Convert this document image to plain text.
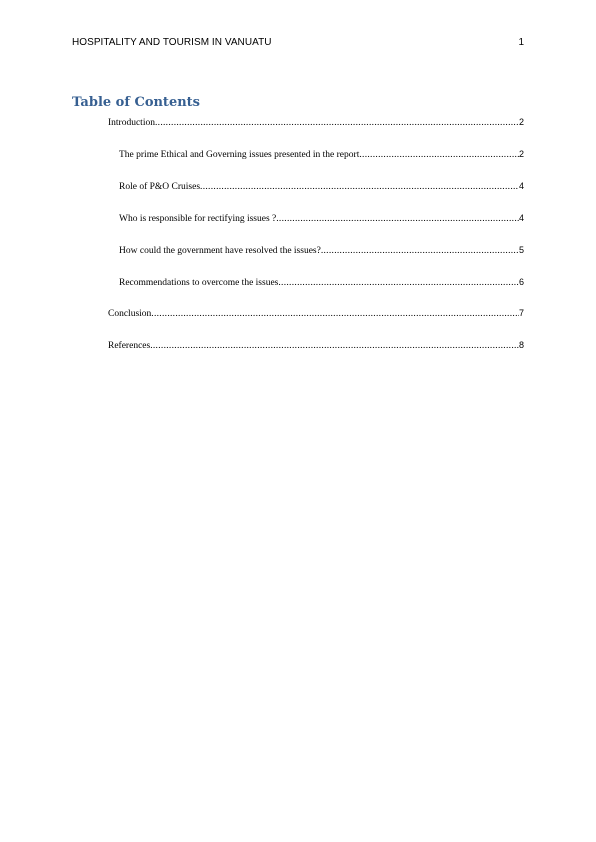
HOSPITALITY AND TOURISM IN VANUATU	1
Table of Contents
Introduction .....	2
The prime Ethical and Governing issues presented in the report .....	2
Role of P&O Cruises .....	4
Who is responsible for rectifying issues ? .....	4
How could the government have resolved the issues? .....	5
Recommendations to overcome the issues .....	6
Conclusion .....	7
References .....	8
